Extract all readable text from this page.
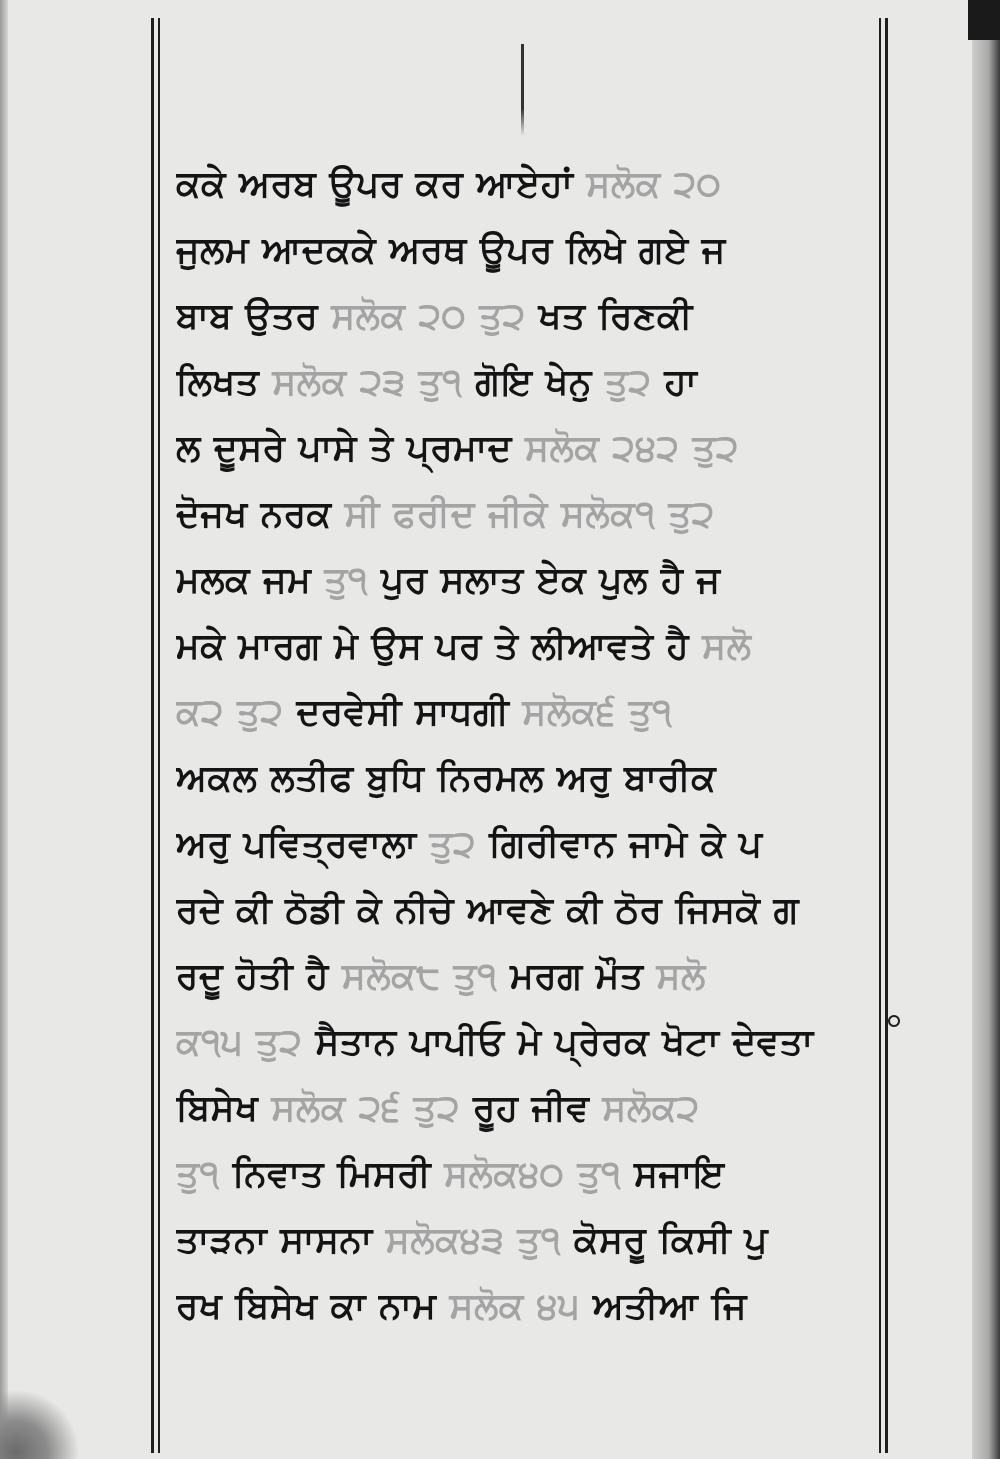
ਕਕੇ ਅਰਬ ਊਪਰ ਕਰ ਆਏਹਾਂ ਸਲੋਕ ੨੦
ਜੁਲਮ ਆਦਕਕੇ ਅਰਥ ਊਪਰ ਲਿਖੇ ਗਏ ਜ
ਬਾਬ ਉਤਰ ਸਲੋਕ ੨੦ ਤੁ੨ ਖਤ ਰਿਣਕੀ
ਲਿਖਤ ਸਲੋਕ ੨੩ ਤੁ੧ ਗੋਇ ਖੇਨੁ ਤੁ੨ ਹਾ
ਲ ਦੂਸਰੇ ਪਾਸੇ ਤੇ ਪ੍ਰਮਾਦ ਸਲੋਕ ੨੪੨ ਤੁ੨
ਦੋਜਖ ਨਰਕ ਸੀ ਫਰੀਦ ਜੀਕੇ ਸਲੋਕ੧ ਤੁ੨
ਮਲਕ ਜਮ ਤੁ੧ ਪੁਰ ਸਲਾਤ ਏਕ ਪੁਲ ਹੈ ਜ
ਮਕੇ ਮਾਰਗ ਮੇ ਉਸ ਪਰ ਤੇ ਲੀਆਵਤੇ ਹੈ ਸਲੋ
ਕ੨ ਤੁ੨ ਦਰਵੇਸੀ ਸਾਧਗੀ ਸਲੋਕ੬ ਤੁ੧
ਅਕਲ ਲਤੀਫ ਬੁਧਿ ਨਿਰਮਲ ਅਰੁ ਬਾਰੀਕ
ਅਰੁ ਪਵਿਤ੍ਰਵਾਲਾ ਤੁ੨ ਗਿਰੀਵਾਨ ਜਾਮੇ ਕੇ ਪ
ਰਦੇ ਕੀ ਠੋਡੀ ਕੇ ਨੀਚੇ ਆਵਣੇ ਕੀ ਠੋਰ ਜਿਸਕੋ ਗ
ਰਦੂ ਹੋਤੀ ਹੈ ਸਲੋਕ੮ ਤੁ੧ ਮਰਗ ਮੌਤ ਸਲੋ
ਕ੧੫ ਤੁ੨ ਸੈਤਾਨ ਪਾਪੀਓ ਮੇ ਪ੍ਰੇਰਕ ਖੋਟਾ ਦੇਵਤਾ
ਬਿਸੇਖ ਸਲੋਕ ੨੬ ਤੁ੨ ਰੂਹ ਜੀਵ ਸਲੋਕ੨
ਤੁ੧ ਨਿਵਾਤ ਮਿਸਰੀ ਸਲੋਕ੪੦ ਤੁ੧ ਸਜਾਇ
ਤਾੜਨਾ ਸਾਸਨਾ ਸਲੋਕ੪੩ ਤੁ੧ ਕੋਸਰੂ ਕਿਸੀ ਪੁ
ਰਖ ਬਿਸੇਖ ਕਾ ਨਾਮ ਸਲੋਕ ੪੫ ਅਤੀਆ ਜਿ
